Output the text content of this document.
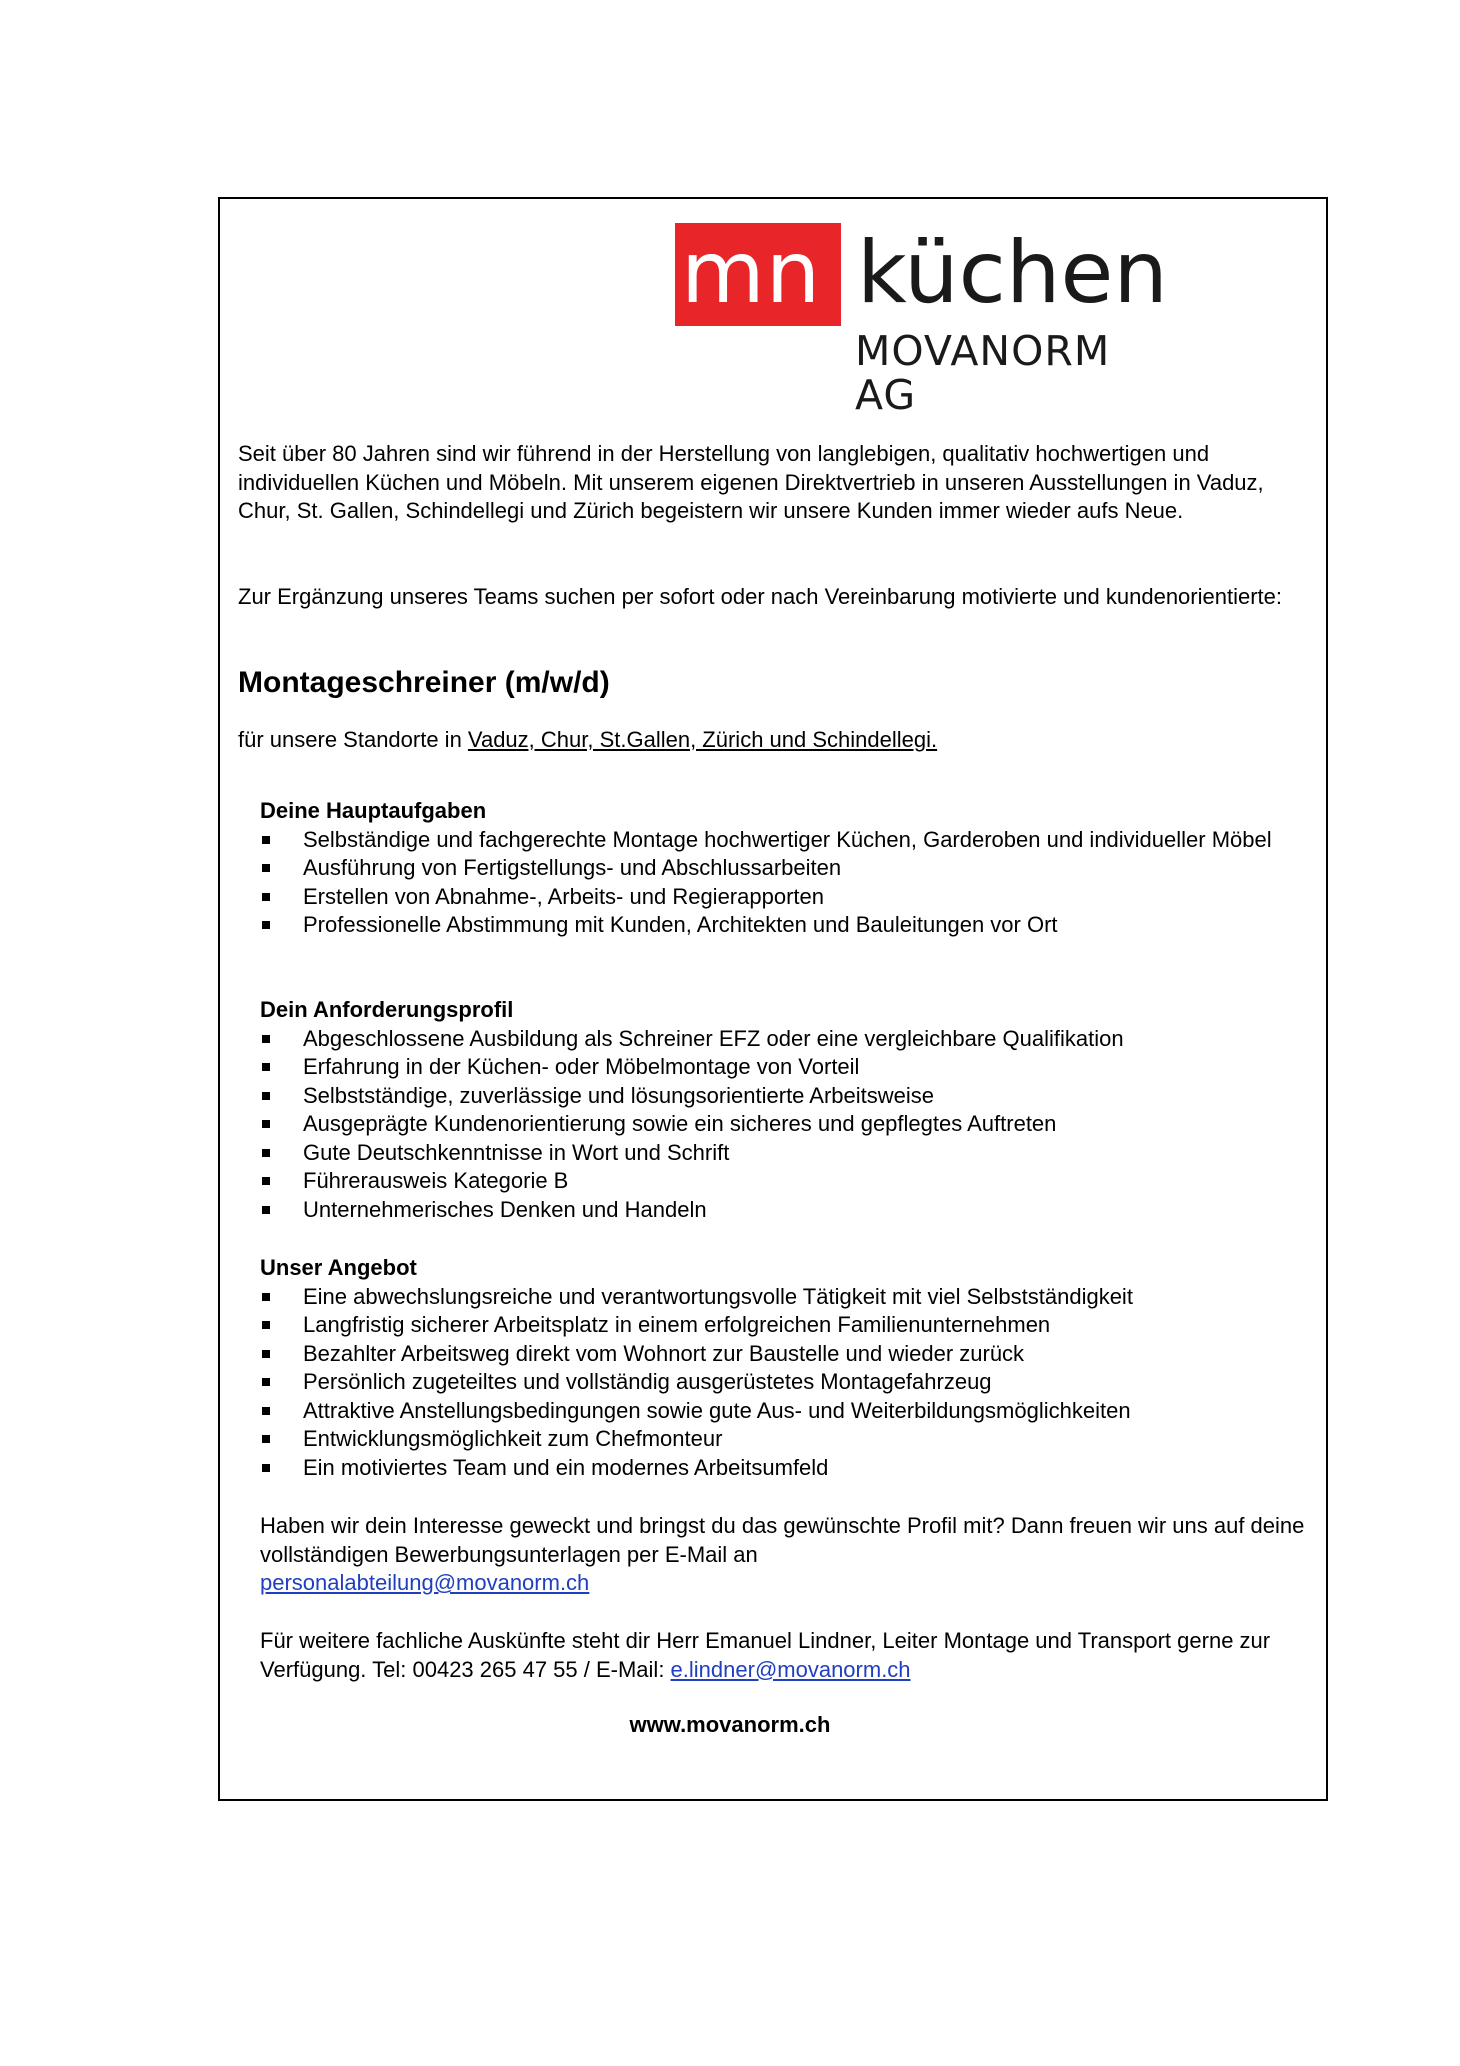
mn küchen
MOVANORM AG

Seit über 80 Jahren sind wir führend in der Herstellung von langlebigen, qualitativ hochwertigen und individuellen Küchen und Möbeln. Mit unserem eigenen Direktvertrieb in unseren Ausstellungen in Vaduz, Chur, St. Gallen, Schindellegi und Zürich begeistern wir unsere Kunden immer wieder aufs Neue.

Zur Ergänzung unseres Teams suchen per sofort oder nach Vereinbarung motivierte und kundenorientierte:

Montageschreiner (m/w/d)

für unsere Standorte in Vaduz, Chur, St.Gallen, Zürich und Schindellegi.

Deine Hauptaufgaben
Selbständige und fachgerechte Montage hochwertiger Küchen, Garderoben und individueller Möbel
Ausführung von Fertigstellungs- und Abschlussarbeiten
Erstellen von Abnahme-, Arbeits- und Regierapporten
Professionelle Abstimmung mit Kunden, Architekten und Bauleitungen vor Ort
Dein Anforderungsprofil
Abgeschlossene Ausbildung als Schreiner EFZ oder eine vergleichbare Qualifikation
Erfahrung in der Küchen- oder Möbelmontage von Vorteil
Selbstständige, zuverlässige und lösungsorientierte Arbeitsweise
Ausgeprägte Kundenorientierung sowie ein sicheres und gepflegtes Auftreten
Gute Deutschkenntnisse in Wort und Schrift
Führerausweis Kategorie B
Unternehmerisches Denken und Handeln
Unser Angebot
Eine abwechslungsreiche und verantwortungsvolle Tätigkeit mit viel Selbstständigkeit
Langfristig sicherer Arbeitsplatz in einem erfolgreichen Familienunternehmen
Bezahlter Arbeitsweg direkt vom Wohnort zur Baustelle und wieder zurück
Persönlich zugeteiltes und vollständig ausgerüstetes Montagefahrzeug
Attraktive Anstellungsbedingungen sowie gute Aus- und Weiterbildungsmöglichkeiten
Entwicklungsmöglichkeit zum Chefmonteur
Ein motiviertes Team und ein modernes Arbeitsumfeld

Haben wir dein Interesse geweckt und bringst du das gewünschte Profil mit? Dann freuen wir uns auf deine vollständigen Bewerbungsunterlagen per E-Mail an
personalabteilung@movanorm.ch

Für weitere fachliche Auskünfte steht dir Herr Emanuel Lindner, Leiter Montage und Transport gerne zur Verfügung. Tel: 00423 265 47 55 / E-Mail: e.lindner@movanorm.ch

www.movanorm.ch
